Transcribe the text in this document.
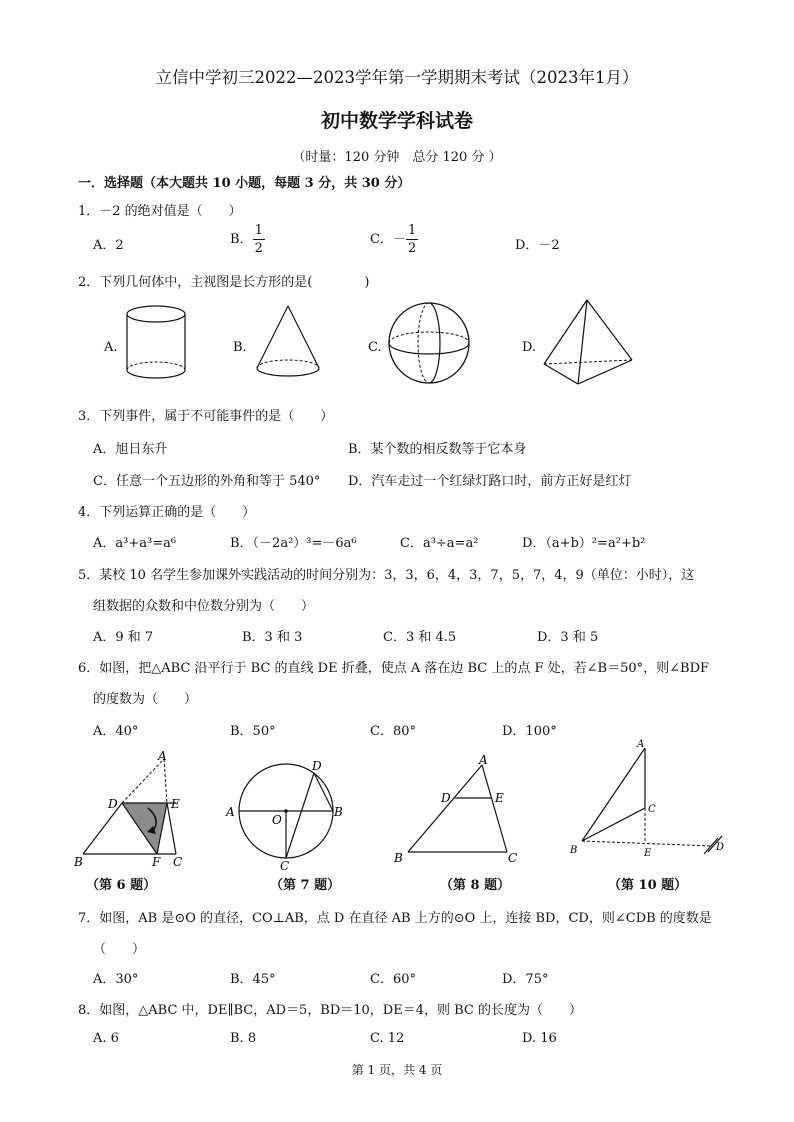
立信中学初三2022—2023学年第一学期期末考试（2023年1月）
初中数学学科试卷
（时量：120 分钟　总分 120 分 ）
一．选择题（本大题共 10 小题，每题 3 分，共 30 分）
1．－2 的绝对值是（　　）
A．2	B． $\frac{1}{2}$	C．－ $\frac{1}{2}$	D．－2
2．下列几何体中，主视图是长方形的是(　　　　)
A.	B.	C.	D.
3．下列事件，属于不可能事件的是（　　）
A．旭日东升	B．某个数的相反数等于它本身
C．任意一个五边形的外角和等于 540° D．汽车走过一个红绿灯路口时，前方正好是红灯
4．下列运算正确的是（　　）
A．a³+a³=a⁶	B．（－2a²）³=－6a⁶	C．a³÷a=a²	D．（a+b）²=a²+b²
5．某校 10 名学生参加课外实践活动的时间分别为：3，3，6，4，3，7，5，7，4，9（单位：小时），这
组数据的众数和中位数分别为（　　）
A．9 和 7	B．3 和 3	C．3 和 4.5	D．3 和 5
6．如图，把△ABC 沿平行于 BC 的直线 DE 折叠，使点 A 落在边 BC 上的点 F 处，若∠B＝50°，则∠BDF
的度数为（　　）
A．40°	B．50°	C．80°	D．100°
A
D	E
B	F C
（第 6 题）
D
A
O
B
C
（第 7 题）
A
D	E
B	C
（第 8 题）
A
C
B	E
D
（第 10 题）
7．如图，AB 是⊙O 的直径，CO⊥AB，点 D 在直径 AB 上方的⊙O 上，连接 BD，CD，则∠CDB 的度数是
（　　）
A．30°	B．45°	C．60°	D．75°
8．如图，△ABC 中，DE∥BC，AD＝5，BD＝10，DE＝4，则 BC 的长度为（　　）
A. 6	B. 8	C. 12	D. 16
第 1 页，共 4 页
